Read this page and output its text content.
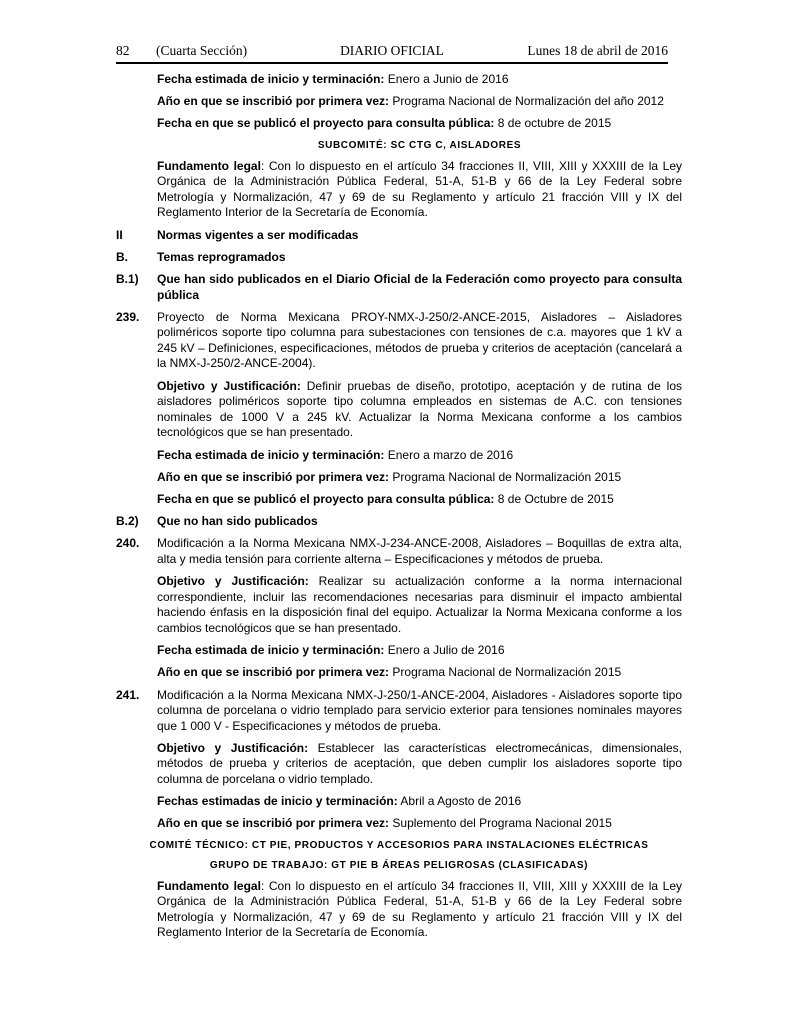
82 (Cuarta Sección)	DIARIO OFICIAL	Lunes 18 de abril de 2016

Fecha estimada de inicio y terminación: Enero a Junio de 2016

Año en que se inscribió por primera vez: Programa Nacional de Normalización del año 2012

Fecha en que se publicó el proyecto para consulta pública: 8 de octubre de 2015

SUBCOMITÉ: SC CTG C, AISLADORES

Fundamento legal: Con lo dispuesto en el artículo 34 fracciones II, VIII, XIII y XXXIII de la Ley Orgánica de la Administración Pública Federal, 51-A, 51-B y 66 de la Ley Federal sobre Metrología y Normalización, 47 y 69 de su Reglamento y artículo 21 fracción VIII y IX del Reglamento Interior de la Secretaría de Economía.

II	Normas vigentes a ser modificadas
B.	Temas reprogramados
B.1)	Que han sido publicados en el Diario Oficial de la Federación como proyecto para consulta pública
239.	Proyecto de Norma Mexicana PROY-NMX-J-250/2-ANCE-2015, Aisladores – Aisladores poliméricos soporte tipo columna para subestaciones con tensiones de c.a. mayores que 1 kV a 245 kV – Definiciones, especificaciones, métodos de prueba y criterios de aceptación (cancelará a la NMX-J-250/2-ANCE-2004).

Objetivo y Justificación: Definir pruebas de diseño, prototipo, aceptación y de rutina de los aisladores poliméricos soporte tipo columna empleados en sistemas de A.C. con tensiones nominales de 1000 V a 245 kV. Actualizar la Norma Mexicana conforme a los cambios tecnológicos que se han presentado.

Fecha estimada de inicio y terminación: Enero a marzo de 2016

Año en que se inscribió por primera vez: Programa Nacional de Normalización 2015

Fecha en que se publicó el proyecto para consulta pública: 8 de Octubre de 2015

B.2)	Que no han sido publicados
240.	Modificación a la Norma Mexicana NMX-J-234-ANCE-2008, Aisladores – Boquillas de extra alta, alta y media tensión para corriente alterna – Especificaciones y métodos de prueba.

Objetivo y Justificación: Realizar su actualización conforme a la norma internacional correspondiente, incluir las recomendaciones necesarias para disminuir el impacto ambiental haciendo énfasis en la disposición final del equipo. Actualizar la Norma Mexicana conforme a los cambios tecnológicos que se han presentado.

Fecha estimada de inicio y terminación: Enero a Julio de 2016

Año en que se inscribió por primera vez: Programa Nacional de Normalización 2015

241.	Modificación a la Norma Mexicana NMX-J-250/1-ANCE-2004, Aisladores - Aisladores soporte tipo columna de porcelana o vidrio templado para servicio exterior para tensiones nominales mayores que 1 000 V - Especificaciones y métodos de prueba.

Objetivo y Justificación: Establecer las características electromecánicas, dimensionales, métodos de prueba y criterios de aceptación, que deben cumplir los aisladores soporte tipo columna de porcelana o vidrio templado.

Fechas estimadas de inicio y terminación: Abril a Agosto de 2016

Año en que se inscribió por primera vez: Suplemento del Programa Nacional 2015

COMITÉ TÉCNICO: CT PIE, PRODUCTOS Y ACCESORIOS PARA INSTALACIONES ELÉCTRICAS

GRUPO DE TRABAJO: GT PIE B ÁREAS PELIGROSAS (CLASIFICADAS)

Fundamento legal: Con lo dispuesto en el artículo 34 fracciones II, VIII, XIII y XXXIII de la Ley Orgánica de la Administración Pública Federal, 51-A, 51-B y 66 de la Ley Federal sobre Metrología y Normalización, 47 y 69 de su Reglamento y artículo 21 fracción VIII y IX del Reglamento Interior de la Secretaría de Economía.
